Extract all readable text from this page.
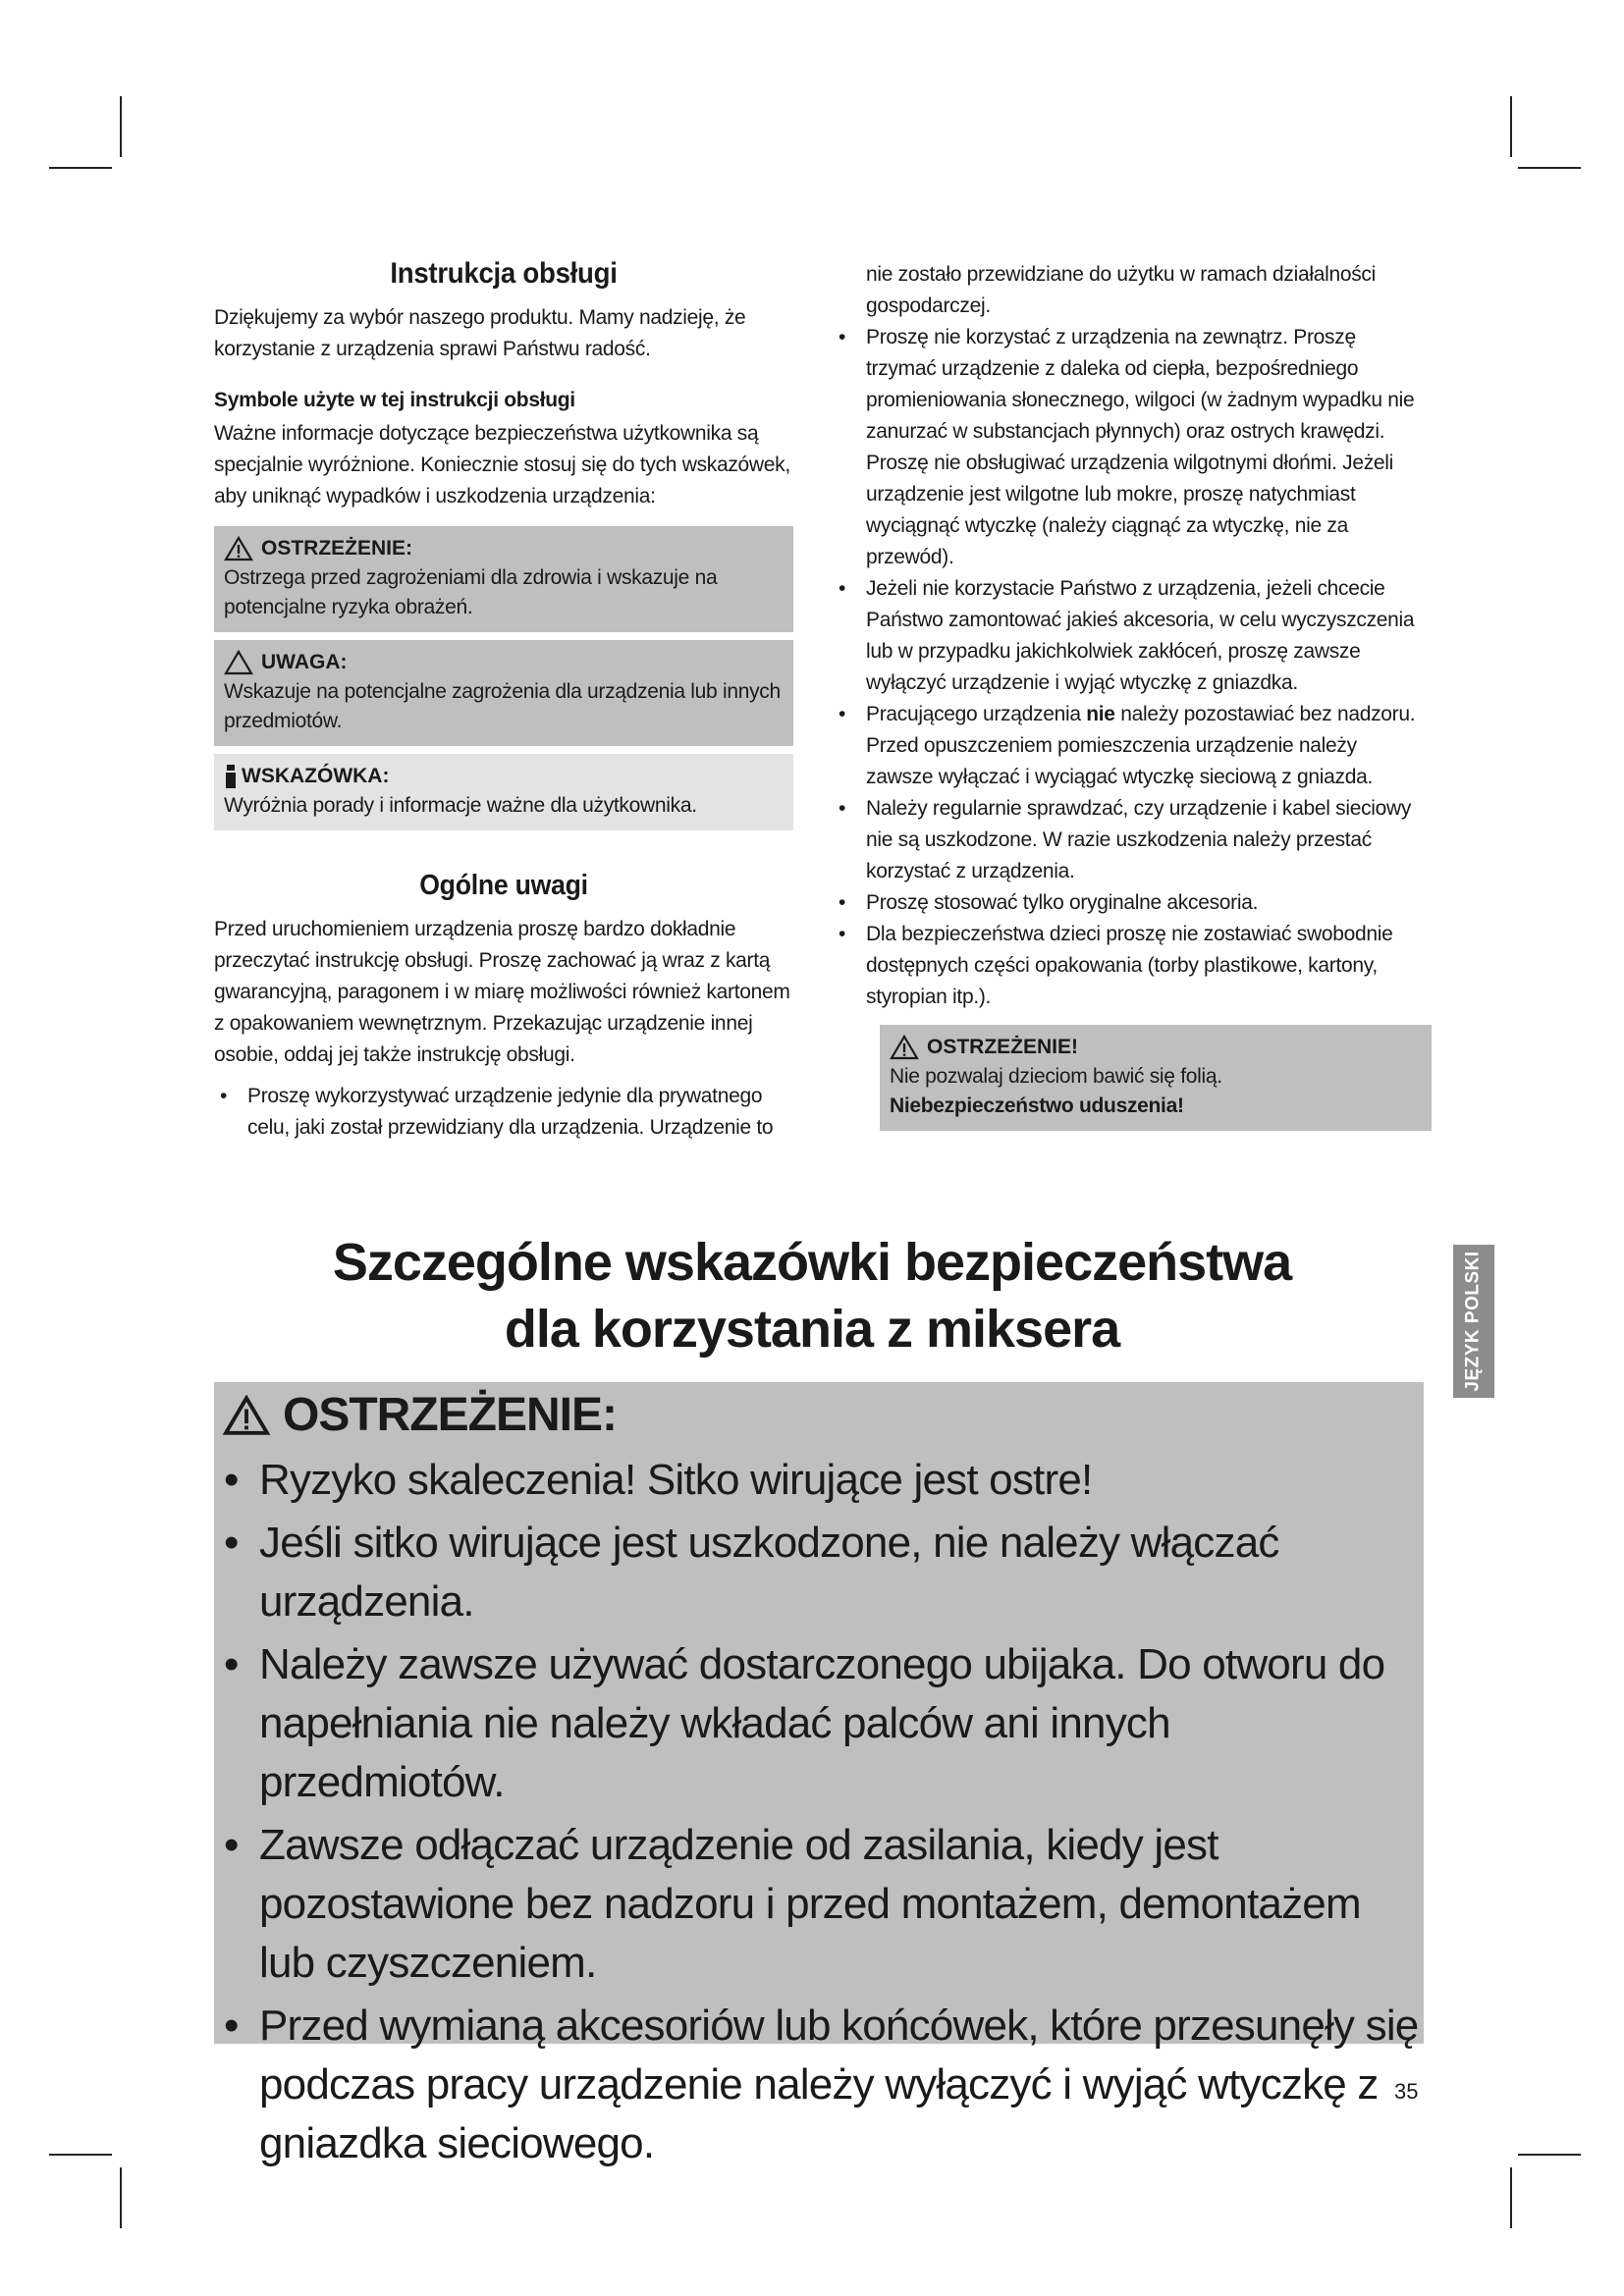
Instrukcja obsługi

Dziękujemy za wybór naszego produktu. Mamy nadzieję, że korzystanie z urządzenia sprawi Państwu radość.

Symbole użyte w tej instrukcji obsługi

Ważne informacje dotyczące bezpieczeństwa użytkownika są specjalnie wyróżnione. Koniecznie stosuj się do tych wskazówek, aby uniknąć wypadków i uszkodzenia urządzenia:

OSTRZEŻENIE:
Ostrzega przed zagrożeniami dla zdrowia i wskazuje na potencjalne ryzyka obrażeń.
UWAGA:
Wskazuje na potencjalne zagrożenia dla urządzenia lub innych przedmiotów.
WSKAZÓWKA:
Wyróżnia porady i informacje ważne dla użytkownika.
Ogólne uwagi

Przed uruchomieniem urządzenia proszę bardzo dokładnie przeczytać instrukcję obsługi. Proszę zachować ją wraz z kartą gwarancyjną, paragonem i w miarę możliwości również kartonem z opakowaniem wewnętrznym. Przekazując urządzenie innej osobie, oddaj jej także instrukcję obsługi.

• Proszę wykorzystywać urządzenie jedynie dla prywatnego celu, jaki został przewidziany dla urządzenia. Urządzenie to

nie zostało przewidziane do użytku w ramach działalności gospodarczej.

• Proszę nie korzystać z urządzenia na zewnątrz. Proszę trzymać urządzenie z daleka od ciepła, bezpośredniego promieniowania słonecznego, wilgoci (w żadnym wypadku nie zanurzać w substancjach płynnych) oraz ostrych krawędzi. Proszę nie obsługiwać urządzenia wilgotnymi dłońmi. Jeżeli urządzenie jest wilgotne lub mokre, proszę natychmiast wyciągnąć wtyczkę (należy ciągnąć za wtyczkę, nie za przewód).
• Jeżeli nie korzystacie Państwo z urządzenia, jeżeli chcecie Państwo zamontować jakieś akcesoria, w celu wyczyszczenia lub w przypadku jakichkolwiek zakłóceń, proszę zawsze wyłączyć urządzenie i wyjąć wtyczkę z gniazdka.
• Pracującego urządzenia nie należy pozostawiać bez nadzoru. Przed opuszczeniem pomieszczenia urządzenie należy zawsze wyłączać i wyciągać wtyczkę sieciową z gniazda.
• Należy regularnie sprawdzać, czy urządzenie i kabel sieciowy nie są uszkodzone. W razie uszkodzenia należy przestać korzystać z urządzenia.
• Proszę stosować tylko oryginalne akcesoria.
• Dla bezpieczeństwa dzieci proszę nie zostawiać swobodnie dostępnych części opakowania (torby plastikowe, kartony, styropian itp.).
OSTRZEŻENIE!
Nie pozwalaj dzieciom bawić się folią.
Niebezpieczeństwo uduszenia!
JĘZYK POLSKI
Szczególne wskazówki bezpieczeństwa
dla korzystania z miksera
OSTRZEŻENIE:
• Ryzyko skaleczenia! Sitko wirujące jest ostre!
• Jeśli sitko wirujące jest uszkodzone, nie należy włączać urządzenia.
• Należy zawsze używać dostarczonego ubijaka. Do otworu do napełniania nie należy wkładać palców ani innych przedmiotów.
• Zawsze odłączać urządzenie od zasilania, kiedy jest pozostawione bez nadzoru i przed montażem, demontażem lub czyszczeniem.
• Przed wymianą akcesoriów lub końcówek, które przesunęły się podczas pracy urządzenie należy wyłączyć i wyjąć wtyczkę z gniazdka sieciowego.
35
